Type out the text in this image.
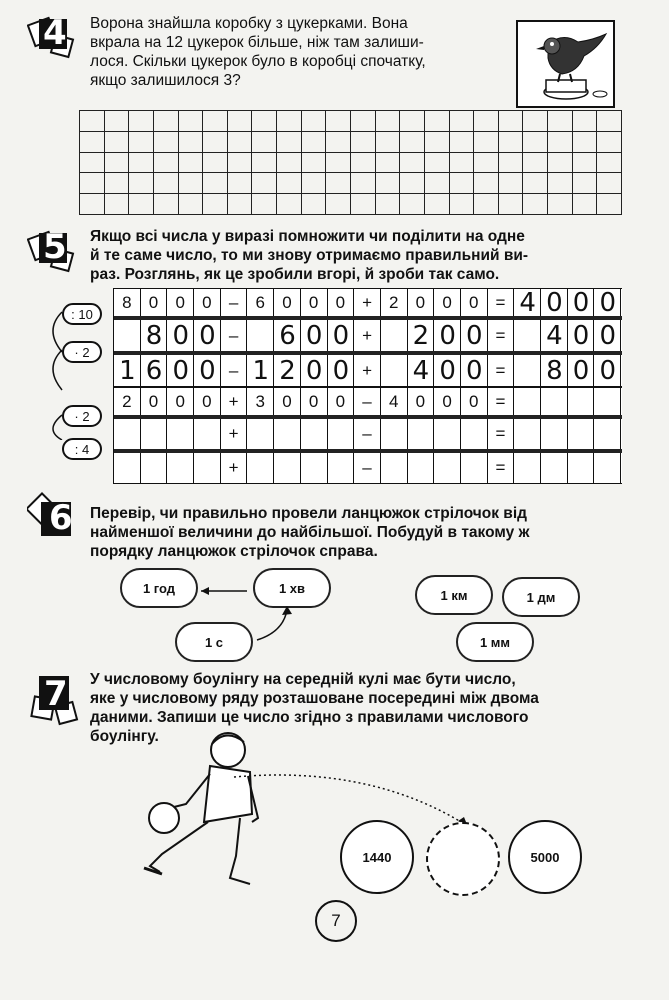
4 Ворона знайшла коробку з цукерками. Вона
вкрала на 12 цукерок більше, ніж там залиши-
лося. Скільки цукерок було в коробці спочатку,
якщо залишилося 3?
5 Якщо всі числа у виразі помножити чи поділити на одне
й те саме число, то ми знову отримаємо правильний ви-
раз. Розглянь, як це зробили вгорі, й зроби так само.
: 10
· 2
· 2
: 4
8	0	0	0	–	6	0	0	0 + 2	0	0	0 = 4 0 0 0
8 0 0 –	6 0 0 +	2 0 0 =	4 0 0
1 6 0 0 – 1 2 0 0 +	4 0 0 =	8 0 0
2	0	0	0 + 3	0	0	0	–	4	0	0	0 =
+	–	=
+	–	=
6 Перевір, чи правильно провели ланцюжок стрілочок від
найменшої величини до найбільшої. Побудуй в такому ж
порядку ланцюжок стрілочок справа.
1 год	1 хв
1 с
1 км	1 дм
1 мм
7 У числовому боулінгу на середній кулі має бути число,
яке у числовому ряду розташоване посередині між двома
даними. Запиши це число згідно з правилами числового
боулінгу.
1440	5000
7
